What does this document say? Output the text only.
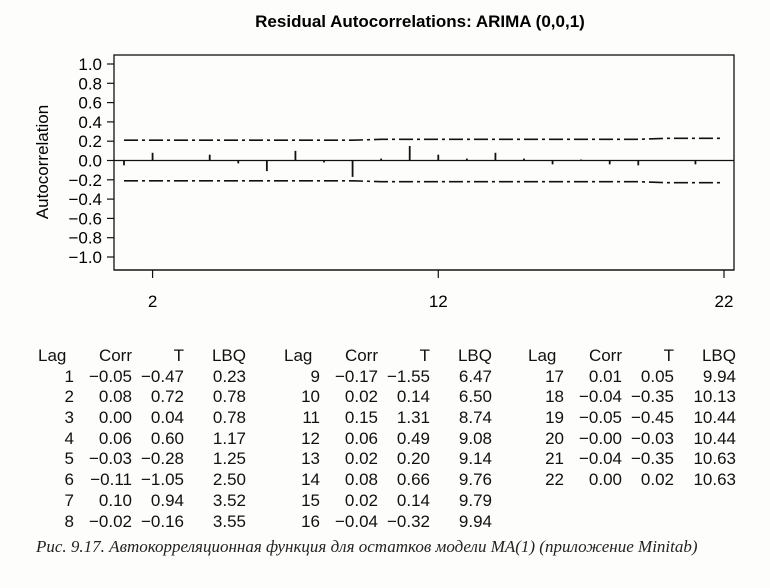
Residual Autocorrelations: ARIMA (0,0,1)
1.0
0.8
0.6
0.4
0.2
0.0
−0.2
−0.4
−0.6
−0.8
−1.0
2	12	22
Autocorrelation
Lag	Corr	T	LBQ
1 −0.05 −0.47	0.23
2	0.08	0.72	0.78
3	0.00	0.04	0.78
4	0.06	0.60	1.17
5 −0.03 −0.28	1.25
6 −0.11 −1.05	2.50
7	0.10	0.94	3.52
8 −0.02 −0.16	3.55
Lag	Corr	T	LBQ
9 −0.17 −1.55	6.47
10	0.02	0.14	6.50
11	0.15	1.31	8.74
12	0.06	0.49	9.08
13	0.02	0.20	9.14
14	0.08	0.66	9.76
15	0.02	0.14	9.79
16 −0.04 −0.32	9.94
Lag	Corr	T	LBQ
17	0.01	0.05	9.94
18 −0.04 −0.35	10.13
19 −0.05 −0.45	10.44
20 −0.00 −0.03	10.44
21 −0.04 −0.35	10.63
22	0.00	0.02	10.63
Рис. 9.17. Автокорреляционная функция для остатков модели MA(1) (приложение Minitab)
